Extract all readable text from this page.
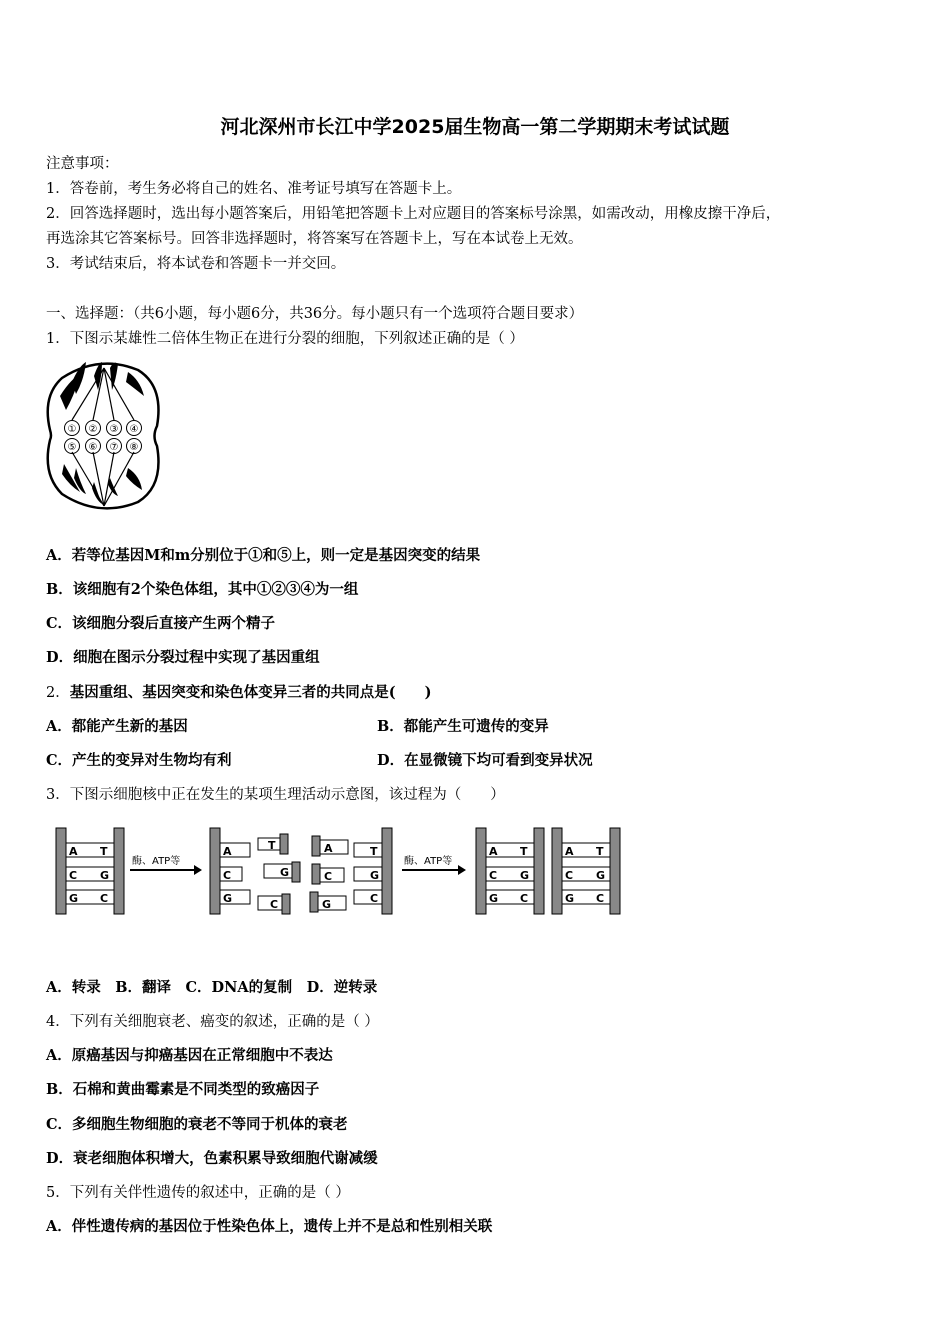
河北深州市长江中学2025届生物高一第二学期期末考试试题
注意事项：
1．答卷前，考生务必将自己的姓名、准考证号填写在答题卡上。
2．回答选择题时，选出每小题答案后，用铅笔把答题卡上对应题目的答案标号涂黑，如需改动，用橡皮擦干净后，
再选涂其它答案标号。回答非选择题时，将答案写在答题卡上，写在本试卷上无效。
3．考试结束后，将本试卷和答题卡一并交回。
一、选择题：（共6小题，每小题6分，共36分。每小题只有一个选项符合题目要求）
1．下图示某雄性二倍体生物正在进行分裂的细胞，下列叙述正确的是（ ）
① ② ③ ④
⑤ ⑥ ⑦ ⑧
A．若等位基因M和m分别位于①和⑤上，则一定是基因突变的结果
B．该细胞有2个染色体组，其中①②③④为一组
C．该细胞分裂后直接产生两个精子
D．细胞在图示分裂过程中实现了基因重组
2．基因重组、基因突变和染色体变异三者的共同点是(　　)
A．都能产生新的基因	B．都能产生可遗传的变异
C．产生的变异对生物均有利	D．在显微镜下均可看到变异状况
3．下图示细胞核中正在发生的某项生理活动示意图，该过程为（　　）
A T
C G
G C
酶、ATP等
A	T
C	G
G	C
A	T
C	G
G	C
酶、ATP等
A T
C G
G C
A T
C G
G C
A．转录　B．翻译　C．DNA的复制　D．逆转录
4．下列有关细胞衰老、癌变的叙述，正确的是（ ）
A．原癌基因与抑癌基因在正常细胞中不表达
B．石棉和黄曲霉素是不同类型的致癌因子
C．多细胞生物细胞的衰老不等同于机体的衰老
D．衰老细胞体积增大，色素积累导致细胞代谢减缓
5．下列有关伴性遗传的叙述中，正确的是（ ）
A．伴性遗传病的基因位于性染色体上，遗传上并不是总和性别相关联
